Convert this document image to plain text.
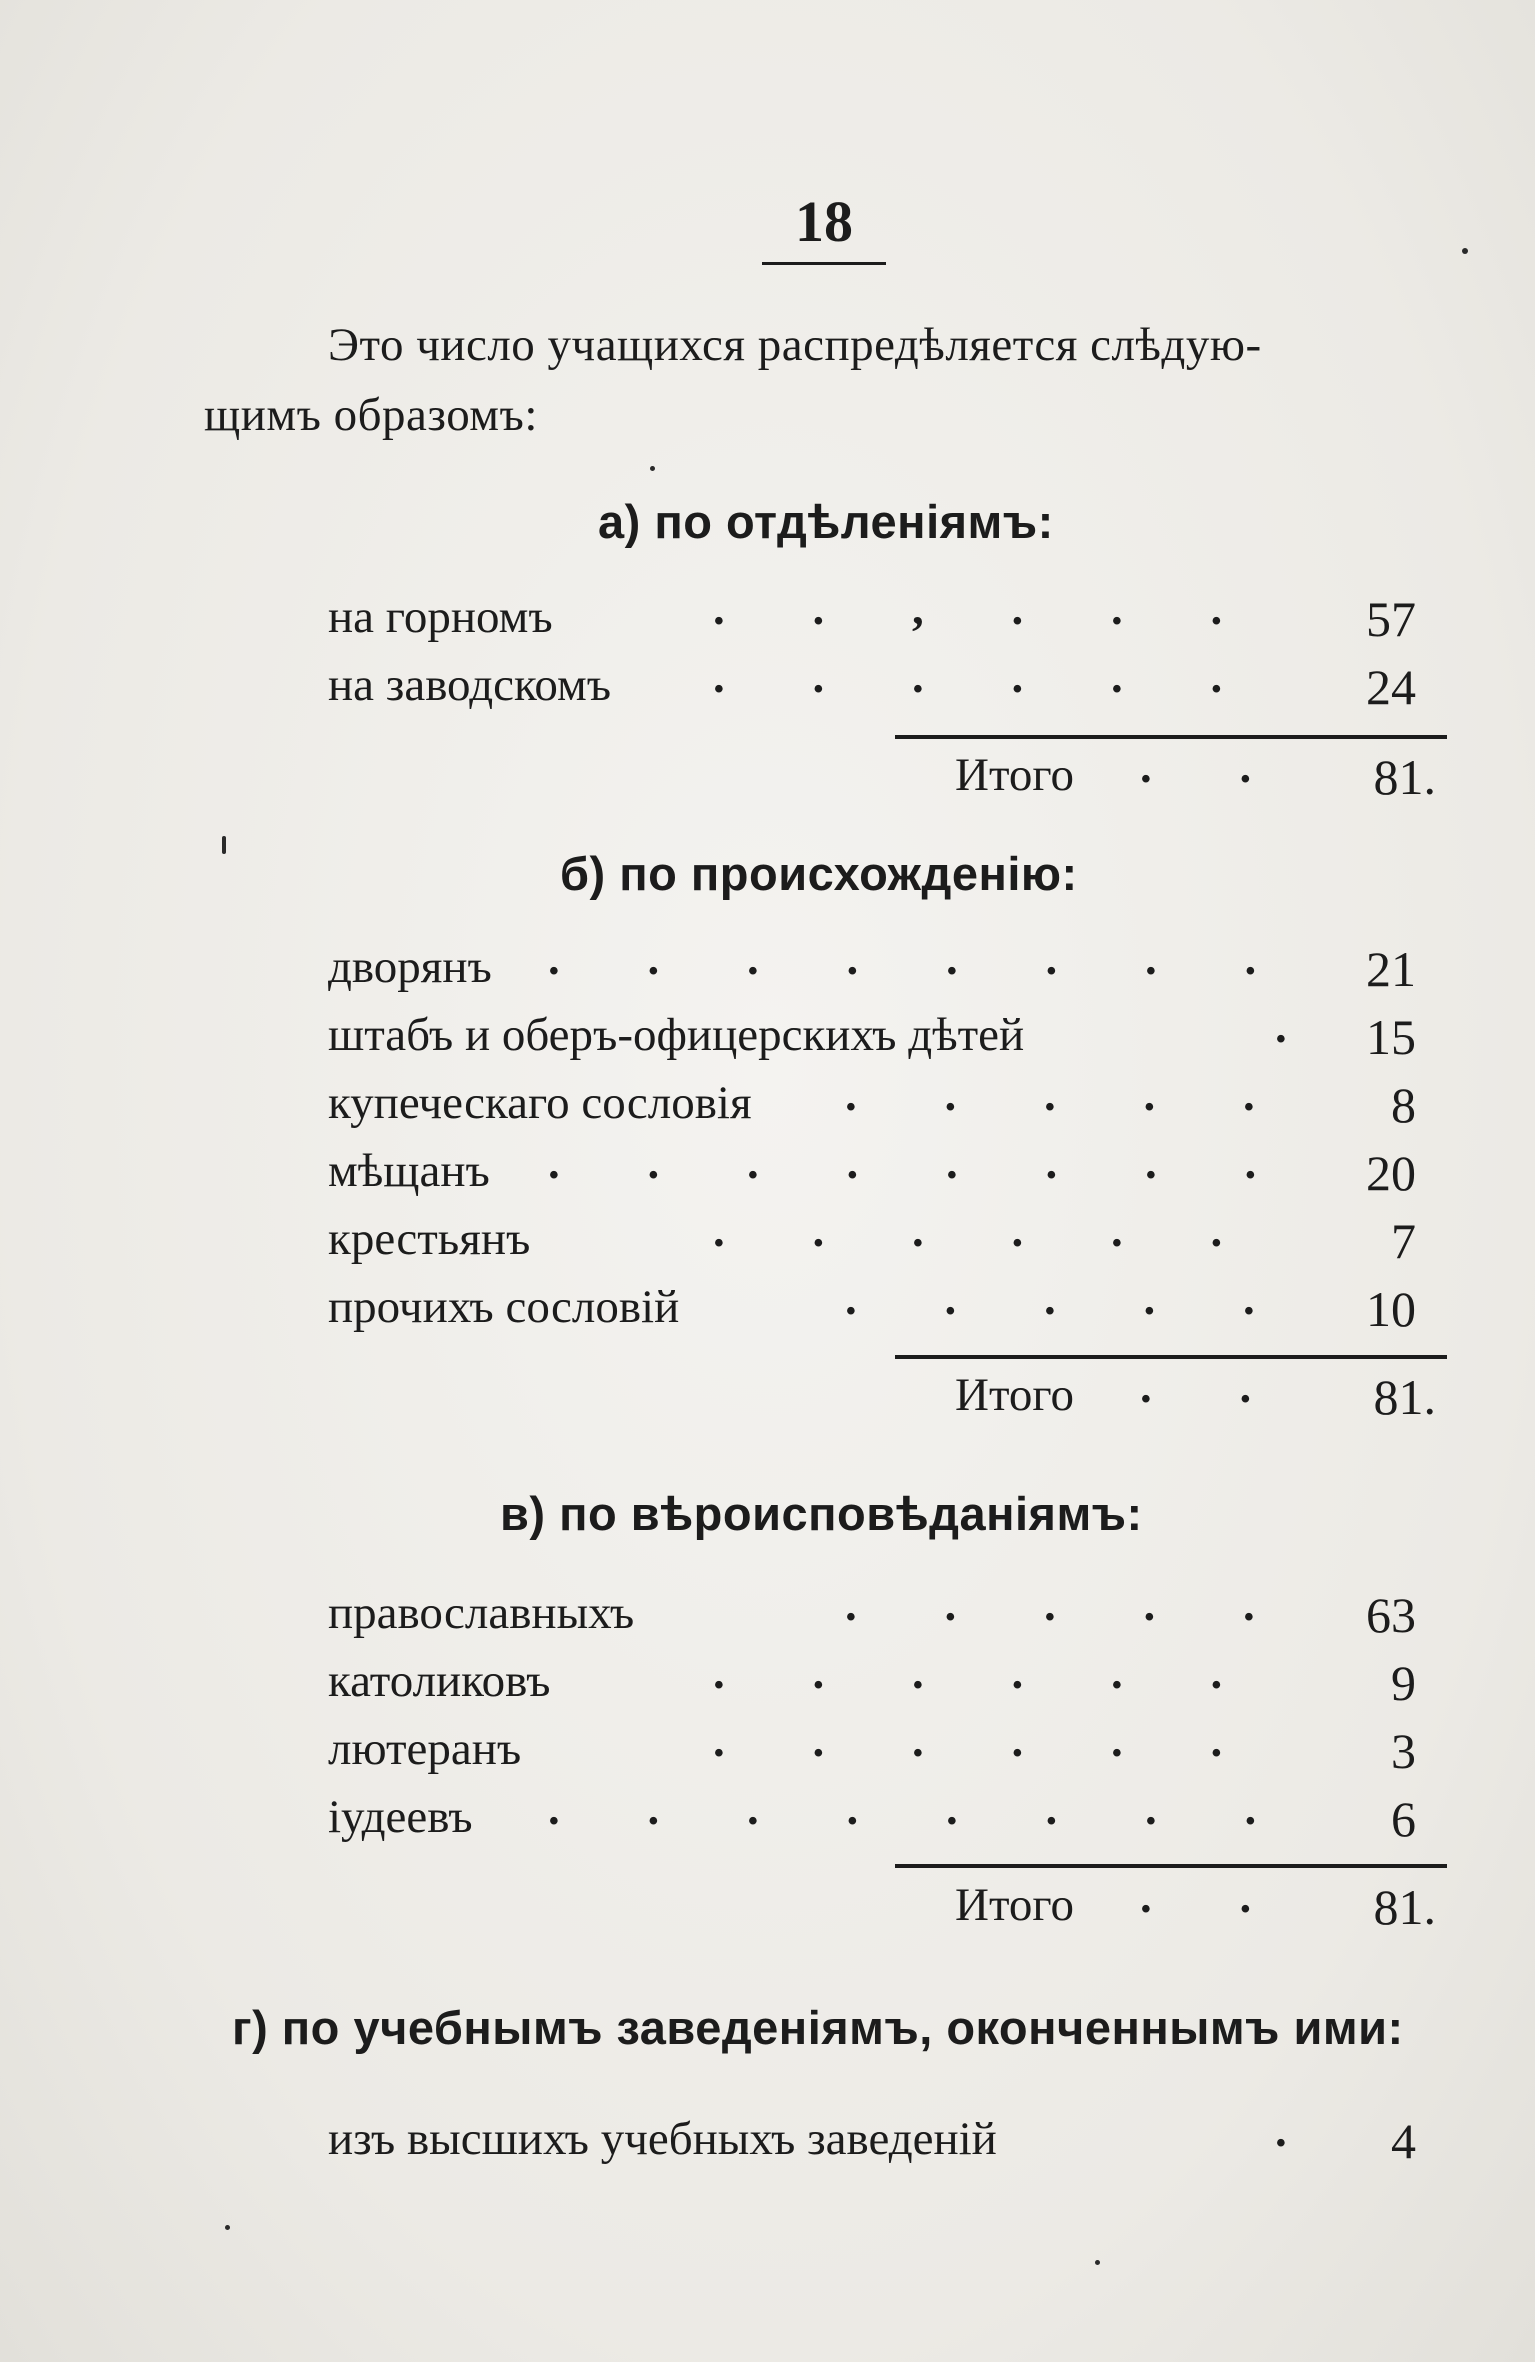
18
Это число учащихся распредѣляется слѣдую-
щимъ образомъ:
а) по отдѣленіямъ:
на горномъ	. . , . . .	57
на заводскомъ . . . . . .	24
Итого . .	81.
б) по происхожденію:
дворянъ . . . . . . . .	21
штабъ и оберъ-офицерскихъ дѣтей	.	15
купеческаго сословія . . . . .	8
мѣщанъ . . . . . . . .	20
крестьянъ	. . . . . .	7
прочихъ сословій	. . . . .	10
Итого . .	81.
в) по вѣроисповѣданіямъ:
православныхъ	. . . . .	63
католиковъ	. . . . . .	9
лютеранъ	. . . . . .	3
іудеевъ . . . . . . . .	6
Итого . .	81.
г) по учебнымъ заведеніямъ, оконченнымъ ими:
изъ высшихъ учебныхъ заведеній	.	4
